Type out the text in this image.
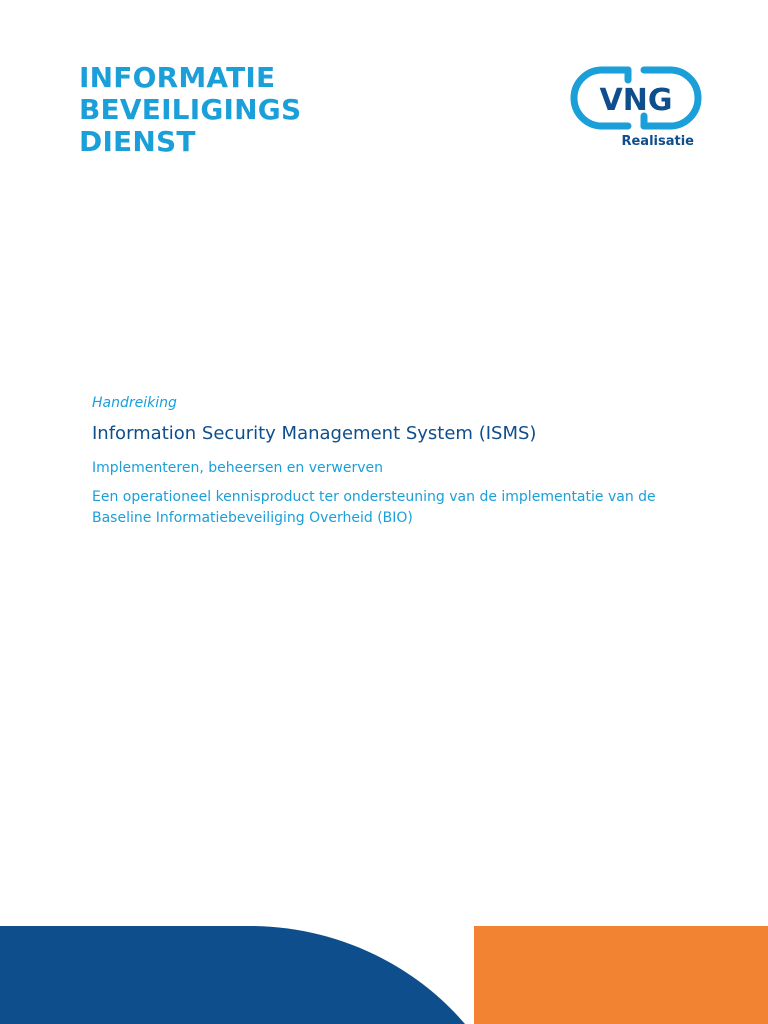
INFORMATIE
BEVEILIGINGS
DIENST
VNG
Realisatie
Handreiking
Information Security Management System (ISMS)
Implementeren, beheersen en verwerven
Een operationeel kennisproduct ter ondersteuning van de implementatie van de Baseline Informatiebeveiliging Overheid (BIO)
